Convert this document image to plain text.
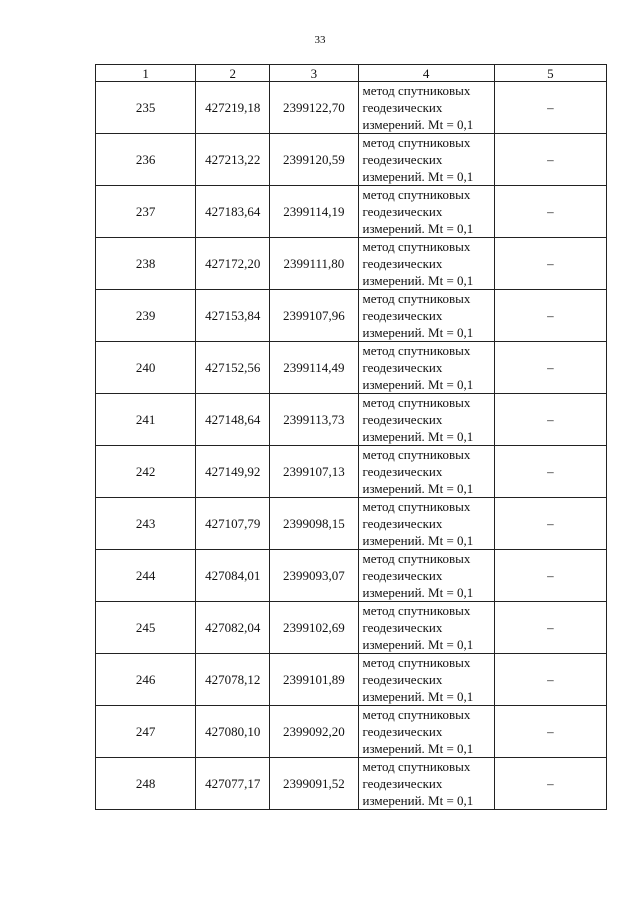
33
1	2	3	4	5
235	427219,18	2399122,70	метод спутниковых
геодезических
измерений. Mt = 0,1	–
236	427213,22	2399120,59	метод спутниковых
геодезических
измерений. Mt = 0,1	–
237	427183,64	2399114,19	метод спутниковых
геодезических
измерений. Mt = 0,1	–
238	427172,20	2399111,80	метод спутниковых
геодезических
измерений. Mt = 0,1	–
239	427153,84	2399107,96	метод спутниковых
геодезических
измерений. Mt = 0,1	–
240	427152,56	2399114,49	метод спутниковых
геодезических
измерений. Mt = 0,1	–
241	427148,64	2399113,73	метод спутниковых
геодезических
измерений. Mt = 0,1	–
242	427149,92	2399107,13	метод спутниковых
геодезических
измерений. Mt = 0,1	–
243	427107,79	2399098,15	метод спутниковых
геодезических
измерений. Mt = 0,1	–
244	427084,01	2399093,07	метод спутниковых
геодезических
измерений. Mt = 0,1	–
245	427082,04	2399102,69	метод спутниковых
геодезических
измерений. Mt = 0,1	–
246	427078,12	2399101,89	метод спутниковых
геодезических
измерений. Mt = 0,1	–
247	427080,10	2399092,20	метод спутниковых
геодезических
измерений. Mt = 0,1	–
248	427077,17	2399091,52	метод спутниковых
геодезических
измерений. Mt = 0,1	–
